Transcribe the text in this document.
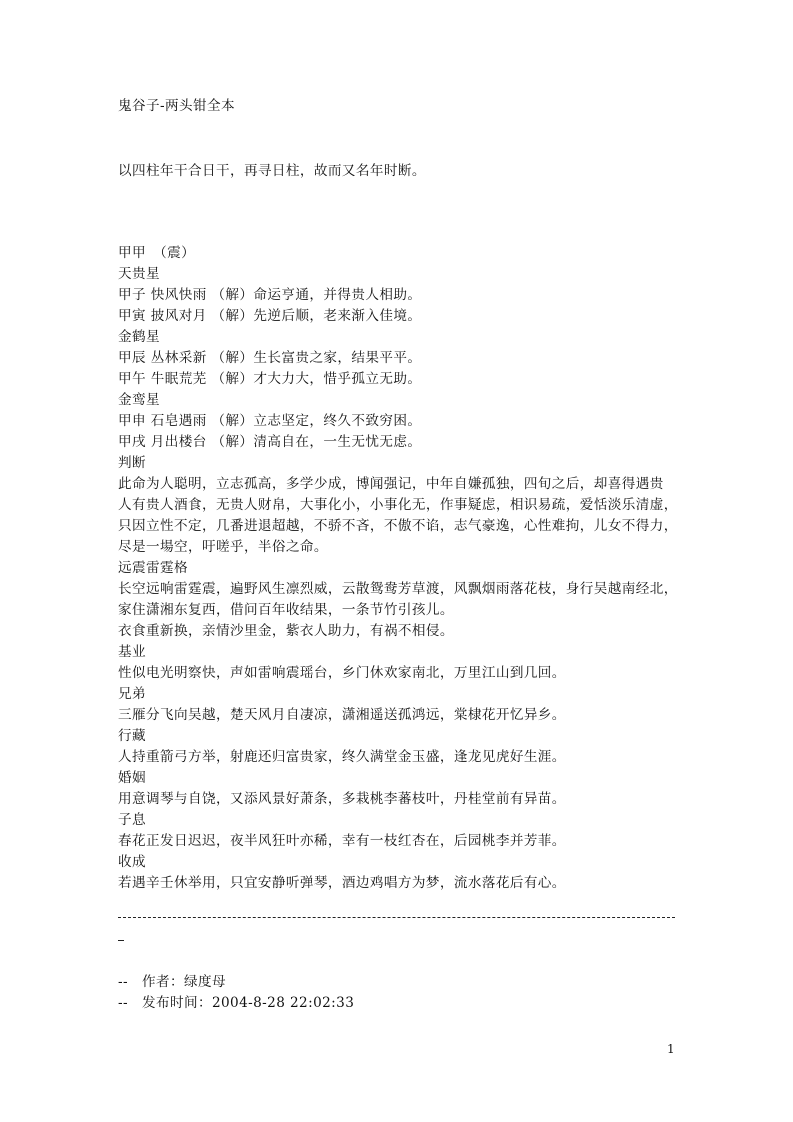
鬼谷子-两头钳全本
以四柱年干合日干，再寻日柱，故而又名年时断。
甲甲　（震）
天贵星
甲子 快风快雨 （解）命运亨通，并得贵人相助。
甲寅 披风对月 （解）先逆后顺，老来渐入佳境。
金鹤星
甲辰 丛林采新 （解）生长富贵之家，结果平平。
甲午 牛眠荒芜 （解）才大力大，惜乎孤立无助。
金鸾星
甲申 石皂遇雨 （解）立志坚定，终久不致穷困。
甲戌 月出楼台 （解）清高自在，一生无忧无虑。
判断
此命为人聪明，立志孤高，多学少成，博闻强记，中年自嫌孤独，四旬之后，却喜得遇贵
人有贵人酒食，无贵人财帛，大事化小，小事化无，作事疑虑，相识易疏，爱恬淡乐清虚，
只因立性不定，几番进退超越，不骄不吝，不傲不谄，志气豪逸，心性难拘，儿女不得力，
尽是一場空，吁嗟乎，半俗之命。
远震雷霆格
长空远响雷霆震，遍野风生凛烈威，云散鸳鸯芳草渡，风飘烟雨落花枝，身行吴越南经北，
家住潇湘东复西，借问百年收结果，一条节竹引孩儿。
衣食重新换，亲情沙里金，紫衣人助力，有祸不相侵。
基业
性似电光明察快，声如雷响震瑶台，乡门休欢家南北，万里江山到几回。
兄弟
三雁分飞向吴越，楚天风月自凄凉，潇湘遥送孤鸿远，棠棣花开忆异乡。
行藏
人持重箭弓方举，射鹿还归富贵家，终久满堂金玉盛，逢龙见虎好生涯。
婚姻
用意调琴与自饶，又添风景好萧条，多栽桃李蕃枝叶，丹桂堂前有异苗。
子息
春花正发日迟迟，夜半风狂叶亦稀，幸有一枝红杏在，后园桃李并芳菲。
收成
若遇辛壬休举用，只宜安静听弹琴，酒边鸡唱方为梦，流水落花后有心。
--　作者：绿度母
--　发布时间：2004-8-28 22:02:33
1
